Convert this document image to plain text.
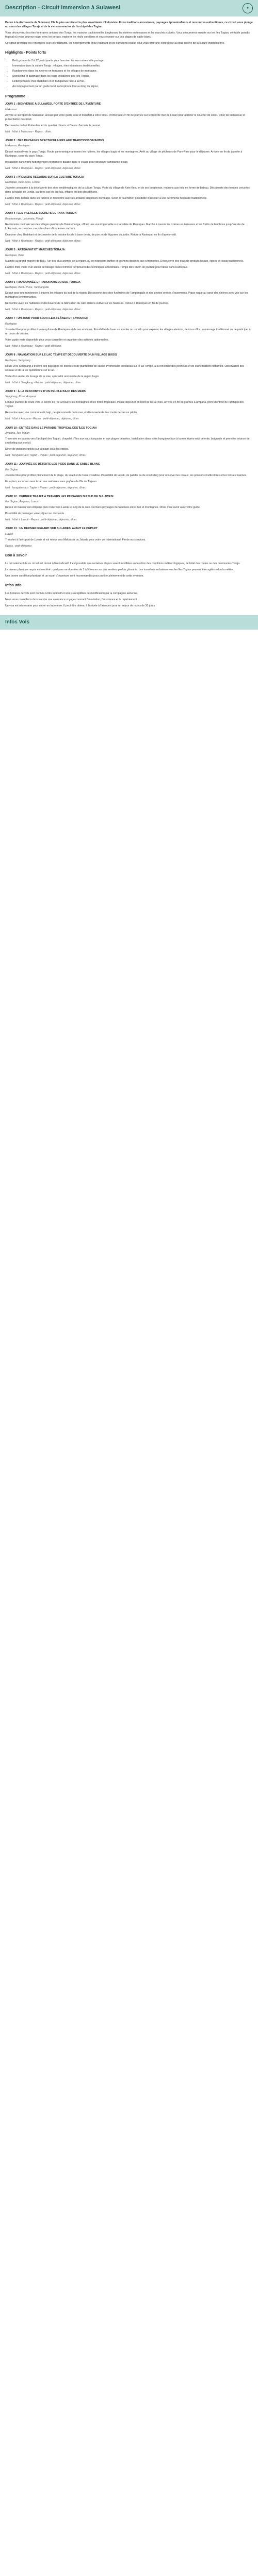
Description - Circuit immersion à Sulawesi	✦

Partez à la découverte de Sulawesi, l'île la plus secrète et la plus envoûtante d'Indonésie. Entre traditions ancestrales, paysages époustouflants et rencontres authentiques, ce circuit vous plonge au cœur des villages Toraja et de la vie sous-marine de l'archipel des Togian.

Vous découvrirez les rites funéraires uniques des Toraja, les maisons traditionnelles tongkonan, les rizières en terrasses et les marchés colorés. Vous séjournerez ensuite sur les îles Togian, véritable paradis tropical où vous pourrez nager avec les tortues, explorer les récifs coralliens et vous reposer sur des plages de sable blanc.

Ce circuit privilégie les rencontres avec les habitants, les hébergements chez l'habitant et les transports locaux pour vous offrir une expérience au plus proche de la culture indonésienne.

Highlights - Points forts
• Petit groupe de 2 à 12 participants pour favoriser les rencontres et le partage.
• Immersion dans la culture Toraja : villages, rites et maisons traditionnelles.
• Randonnées dans les rizières en terrasses et les villages de montagne.
• Snorkeling et baignade dans les eaux cristallines des îles Togian.
• Hébergements chez l'habitant et en bungalows face à la mer.
• Accompagnement par un guide local francophone tout au long du séjour.
Programme

JOUR 1 : BIENVENUE À SULAWESI, PORTE D'ENTRÉE DE L'AVENTURE

Makassar

Arrivée à l'aéroport de Makassar, accueil par votre guide local et transfert à votre hôtel. Promenade en fin de journée sur le front de mer de Losari pour admirer le coucher de soleil. Dîner de bienvenue et présentation du circuit.

Découverte du fort Rotterdam et du quartier chinois si l'heure d'arrivée le permet.

Nuit : hôtel à Makassar - Repas : dîner.

JOUR 2 : DES PAYSAGES SPECTACULAIRES AUX TRADITIONS VIVANTES

Makassar, Rantepao

Départ matinal vers le pays Toraja. Route panoramique à travers les rizières, les villages bugis et les montagnes. Arrêt au village de pêcheurs de Pare-Pare pour le déjeuner. Arrivée en fin de journée à Rantepao, cœur du pays Toraja.

Installation dans votre hébergement et première balade dans le village pour découvrir l'ambiance locale.

Nuit : hôtel à Rantepao - Repas : petit-déjeuner, déjeuner, dîner.

JOUR 3 : PREMIERS REGARDS SUR LA CULTURE TORAJA

Rantepao, Kete Kesu, Londa

Journée consacrée à la découverte des sites emblématiques de la culture Toraja. Visite du village de Kete Kesu et de ses tongkonan, maisons aux toits en forme de bateau. Découverte des tombes creusées dans la falaise de Londa, gardées par les tau-tau, effigies en bois des défunts.

L'après-midi, balade dans les rizières et rencontre avec les artisans sculpteurs du village. Selon le calendrier, possibilité d'assister à une cérémonie funéraire traditionnelle.

Nuit : hôtel à Rantepao - Repas : petit-déjeuner, déjeuner, dîner.

JOUR 4 : LES VILLAGES SECRETS DE TANA TORAJA

Batutumonga, Lokomata, Pangli

Randonnée matinale vers les villages perchés de Batutumonga, offrant une vue imprenable sur la vallée de Rantepao. Marche à travers les rizières en terrasses et les forêts de bambous jusqu'au site de Lokomata, aux tombes creusées dans d'immenses rochers.

Déjeuner chez l'habitant et découverte de la cuisine locale à base de riz, de porc et de légumes du jardin. Retour à Rantepao en fin d'après-midi.

Nuit : hôtel à Rantepao - Repas : petit-déjeuner, déjeuner, dîner.

JOUR 5 : ARTISANAT ET MARCHÉS TORAJA

Rantepao, Bolu

Matinée au grand marché de Bolu, l'un des plus animés de la région, où se négocient buffles et cochons destinés aux cérémonies. Découverte des étals de produits locaux, épices et tissus traditionnels.

L'après-midi, visite d'un atelier de tissage où les femmes perpétuent des techniques ancestrales. Temps libre en fin de journée pour flâner dans Rantepao.

Nuit : hôtel à Rantepao - Repas : petit-déjeuner, déjeuner, dîner.

JOUR 6 : RANDONNÉE ET PANORAMA DU SUD-TORAJA

Rantepao, Buntu Pune, Tampangallo

Départ pour une randonnée à travers les villages du sud de la région. Découverte des sites funéraires de Tampangallo et des grottes ornées d'ossements. Pique-nique au cœur des rizières avec vue sur les montagnes environnantes.

Rencontre avec les habitants et découverte de la fabrication du café arabica cultivé sur les hauteurs. Retour à Rantepao en fin de journée.

Nuit : hôtel à Rantepao - Repas : petit-déjeuner, déjeuner, dîner.

JOUR 7 : UN JOUR POUR SOUFFLER, FLÂNER ET SAVOURER

Rantepao

Journée libre pour profiter à votre rythme de Rantepao et de ses environs. Possibilité de louer un scooter ou un vélo pour explorer les villages alentour, de vous offrir un massage traditionnel ou de participer à un cours de cuisine.

Votre guide reste disponible pour vous conseiller et organiser des activités optionnelles.

Nuit : hôtel à Rantepao - Repas : petit-déjeuner.

JOUR 8 : NAVIGATION SUR LE LAC TEMPE ET DÉCOUVERTE D'UN VILLAGE BUGIS

Rantepao, Sengkang

Route vers Sengkang à travers des paysages de collines et de plantations de cacao. Promenade en bateau sur le lac Tempe, à la rencontre des pêcheurs et de leurs maisons flottantes. Observation des oiseaux et de la vie quotidienne sur le lac.

Visite d'un atelier de tissage de la soie, spécialité renommée de la région bugis.

Nuit : hôtel à Sengkang - Repas : petit-déjeuner, déjeuner, dîner.

JOUR 9 : À LA RENCONTRE D'UN PEUPLE BAJO DES MERS

Sengkang, Poso, Ampana

Longue journée de route vers le centre de l'île à travers les montagnes et les forêts tropicales. Pause déjeuner en bord de lac à Poso. Arrivée en fin de journée à Ampana, porte d'entrée de l'archipel des Togian.

Rencontre avec une communauté bajo, peuple nomade de la mer, et découverte de leur mode de vie sur pilotis.

Nuit : hôtel à Ampana - Repas : petit-déjeuner, déjeuner, dîner.

JOUR 10 : ENTRÉE DANS LE PARADIS TROPICAL DES ÎLES TOGIAN

Ampana, Îles Togian

Traversée en bateau vers l'archipel des Togian, chapelet d'îles aux eaux turquoise et aux plages désertes. Installation dans votre bungalow face à la mer. Après-midi détente, baignade et première séance de snorkeling sur le récif.

Dîner de poissons grillés sur la plage sous les étoiles.

Nuit : bungalow aux Togian - Repas : petit-déjeuner, déjeuner, dîner.

JOUR 11 : JOURNÉE DE DÉTENTE LES PIEDS DANS LE SABLE BLANC

Îles Togian

Journée libre pour profiter pleinement de la plage, du soleil et de l'eau cristalline. Possibilité de kayak, de paddle ou de snorkeling pour observer les coraux, les poissons multicolores et les tortues marines.

En option, excursion vers le lac aux méduses sans piqûres de l'île de Togean.

Nuit : bungalow aux Togian - Repas : petit-déjeuner, déjeuner, dîner.

JOUR 12 : DERNIER TRAJET À TRAVERS LES PAYSAGES DU SUD DE SULAWESI

Îles Togian, Ampana, Luwuk

Retour en bateau vers Ampana puis route vers Luwuk le long de la côte. Derniers paysages de Sulawesi entre mer et montagnes. Dîner d'au revoir avec votre guide.

Possibilité de prolonger votre séjour sur demande.

Nuit : hôtel à Luwuk - Repas : petit-déjeuner, déjeuner, dîner.

JOUR 13 : UN DERNIER REGARD SUR SULAWESI AVANT LE DÉPART

Luwuk

Transfert à l'aéroport de Luwuk et vol retour vers Makassar ou Jakarta pour votre vol international. Fin de nos services.

Repas : petit-déjeuner.

Bon à savoir

Le déroulement de ce circuit est donné à titre indicatif. Il est possible que certaines étapes soient modifiées en fonction des conditions météorologiques, de l'état des routes ou des cérémonies Toraja.

Le niveau physique requis est modéré : quelques randonnées de 3 à 5 heures sur des sentiers parfois glissants. Les transferts en bateau vers les îles Togian peuvent être agités selon la météo.

Une bonne condition physique et un esprit d'ouverture sont recommandés pour profiter pleinement de cette aventure.

Infos Info

Les horaires de vols sont donnés à titre indicatif et sont susceptibles de modification par la compagnie aérienne.

Nous vous conseillons de souscrire une assurance voyage couvrant l'annulation, l'assistance et le rapatriement.

Un visa est nécessaire pour entrer en Indonésie. Il peut être obtenu à l'arrivée à l'aéroport pour un séjour de moins de 30 jours.

Infos Vols
